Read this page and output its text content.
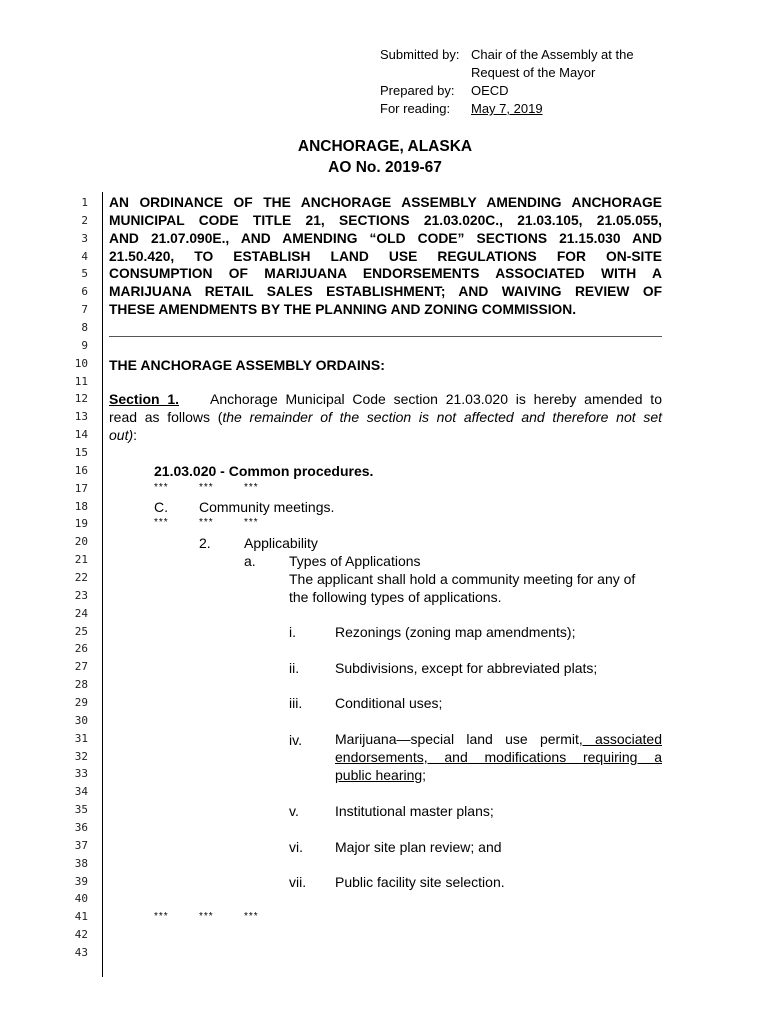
Submitted by: Chair of the Assembly at the
Request of the Mayor
Prepared by: OECD
For reading: May 7, 2019
ANCHORAGE, ALASKA
AO No. 2019-67
1
2
3
4
5
6
7
8
9
10
11
12
13
14
15
16
17
18
19
20
21
22
23
24
25
26
27
28
29
30
31
32
33
34
35
36
37
38
39
40
41
42
43
AN ORDINANCE OF THE ANCHORAGE ASSEMBLY AMENDING ANCHORAGE
MUNICIPAL CODE TITLE 21, SECTIONS 21.03.020C., 21.03.105, 21.05.055,
AND 21.07.090E., AND AMENDING “OLD CODE” SECTIONS 21.15.030 AND
21.50.420, TO ESTABLISH LAND USE REGULATIONS FOR ON-SITE
CONSUMPTION OF MARIJUANA ENDORSEMENTS ASSOCIATED WITH A
MARIJUANA RETAIL SALES ESTABLISHMENT; AND WAIVING REVIEW OF
THESE AMENDMENTS BY THE PLANNING AND ZONING COMMISSION.
THE ANCHORAGE ASSEMBLY ORDAINS:
Section 1. Anchorage Municipal Code section 21.03.020 is hereby amended to
read as follows (the remainder of the section is not affected and therefore not set
out):
21.03.020 - Common procedures.
***	***	***
C. Community meetings.
***	***	***
2. Applicability
a. Types of Applications
The applicant shall hold a community meeting for any of
the following types of applications.
i.	Rezonings (zoning map amendments);
ii.	Subdivisions, except for abbreviated plats;
iii. Conditional uses;
iv. Marijuana—special land use permit, associated
endorsements, and modifications requiring a
public hearing;
v.	Institutional master plans;
vi. Major site plan review; and
vii. Public facility site selection.
***	***	***
